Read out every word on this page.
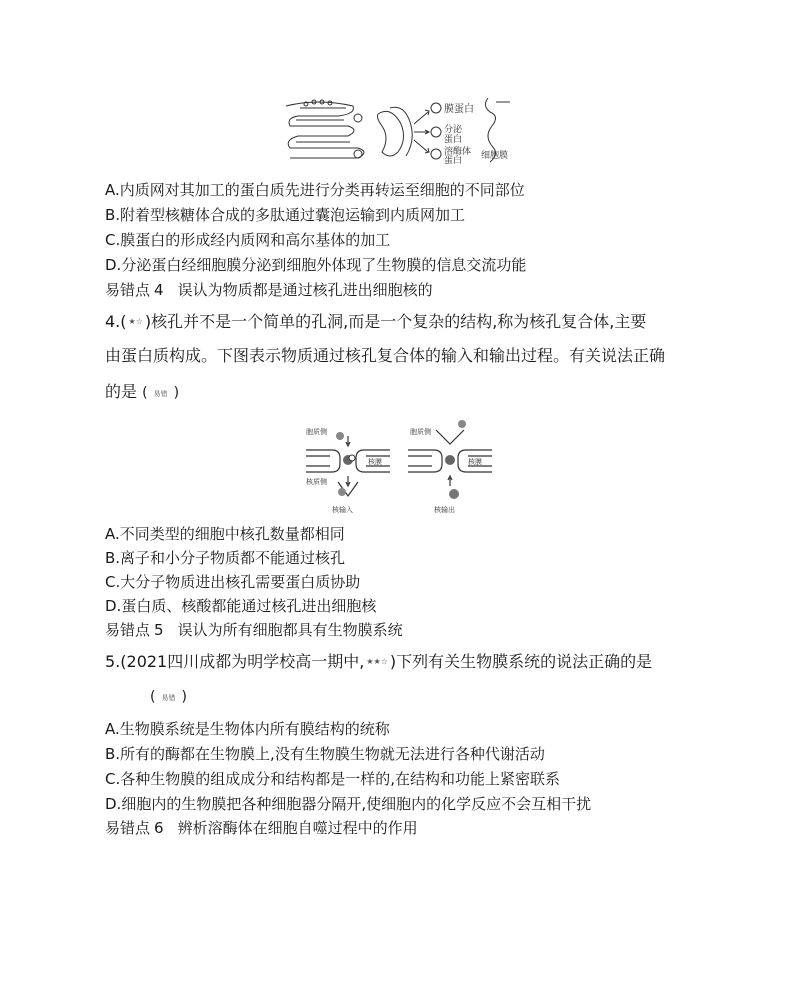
膜蛋白
分泌
蛋白
溶酶体
蛋白 细胞膜
A.内质网对其加工的蛋白质先进行分类再转运至细胞的不同部位
B.附着型核糖体合成的多肽通过囊泡运输到内质网加工
C.膜蛋白的形成经内质网和高尔基体的加工
D.分泌蛋白经细胞膜分泌到细胞外体现了生物膜的信息交流功能
易错点 4 误认为物质都是通过核孔进出细胞核的
4.( ★☆ )核孔并不是一个简单的孔洞,而是一个复杂的结构,称为核孔复合体,主要
由蛋白质构成。下图表示物质通过核孔复合体的输入和输出过程。有关说法正确
的是 ( 易错 )
胞质侧
核膜
核质侧
核输入
胞质侧
核膜
核输出
A.不同类型的细胞中核孔数量都相同
B.离子和小分子物质都不能通过核孔
C.大分子物质进出核孔需要蛋白质协助
D.蛋白质、核酸都能通过核孔进出细胞核
易错点 5 误认为所有细胞都具有生物膜系统
5.(2021四川成都为明学校高一期中, ★★☆ )下列有关生物膜系统的说法正确的是
( 易错 )
A.生物膜系统是生物体内所有膜结构的统称
B.所有的酶都在生物膜上,没有生物膜生物就无法进行各种代谢活动
C.各种生物膜的组成成分和结构都是一样的,在结构和功能上紧密联系
D.细胞内的生物膜把各种细胞器分隔开,使细胞内的化学反应不会互相干扰
易错点 6 辨析溶酶体在细胞自噬过程中的作用
